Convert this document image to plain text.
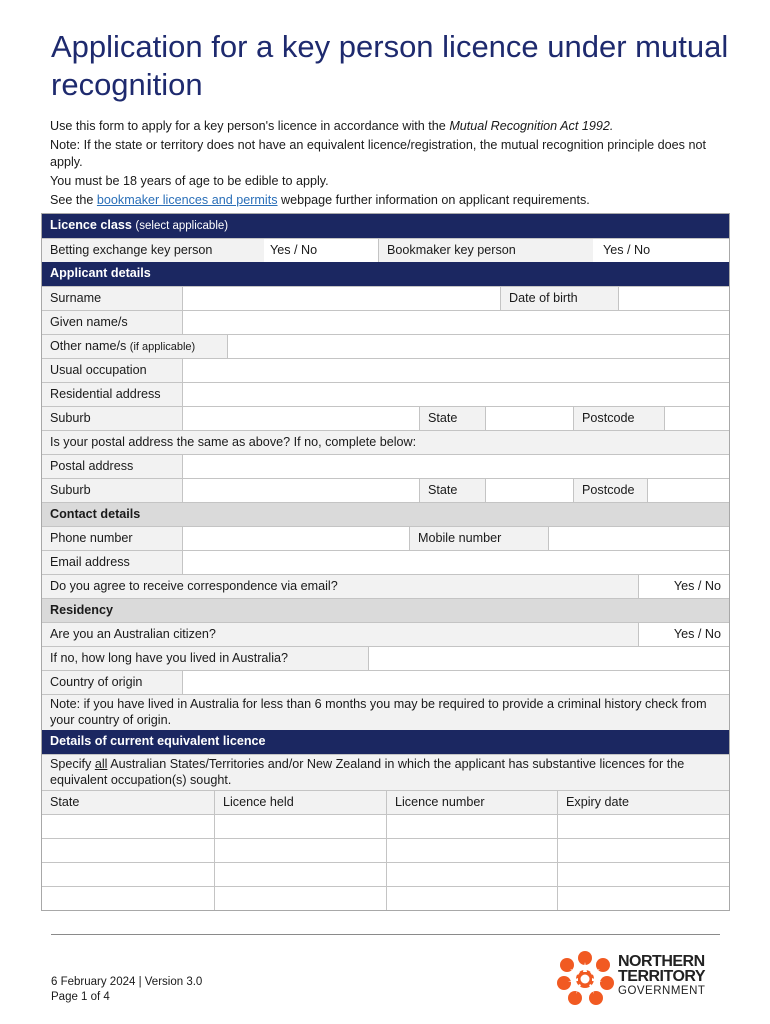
Application for a key person licence under mutual recognition

Use this form to apply for a key person's licence in accordance with the Mutual Recognition Act 1992.

Note: If the state or territory does not have an equivalent licence/registration, the mutual recognition principle does not apply.

You must be 18 years of age to be edible to apply.

See the bookmaker licences and permits webpage further information on applicant requirements.

Licence class (select applicable)
Betting exchange key person	Yes / No	Bookmaker key person	Yes / No
Applicant details
Surname	Date of birth
Given name/s
Other name/s (if applicable)
Usual occupation
Residential address
Suburb	State	Postcode
Is your postal address the same as above? If no, complete below:
Postal address
Suburb	State	Postcode
Contact details
Phone number	Mobile number
Email address
Do you agree to receive correspondence via email?	Yes / No
Residency
Are you an Australian citizen?	Yes / No
If no, how long have you lived in Australia?
Country of origin
Note: if you have lived in Australia for less than 6 months you may be required to provide a criminal history check from your country of origin.
Details of current equivalent licence
Specify all Australian States/Territories and/or New Zealand in which the applicant has substantive licences for the equivalent occupation(s) sought.
State	Licence held	Licence number	Expiry date
6 February 2024 | Version 3.0
Page 1 of 4
NORTHERN
TERRITORY
GOVERNMENT
